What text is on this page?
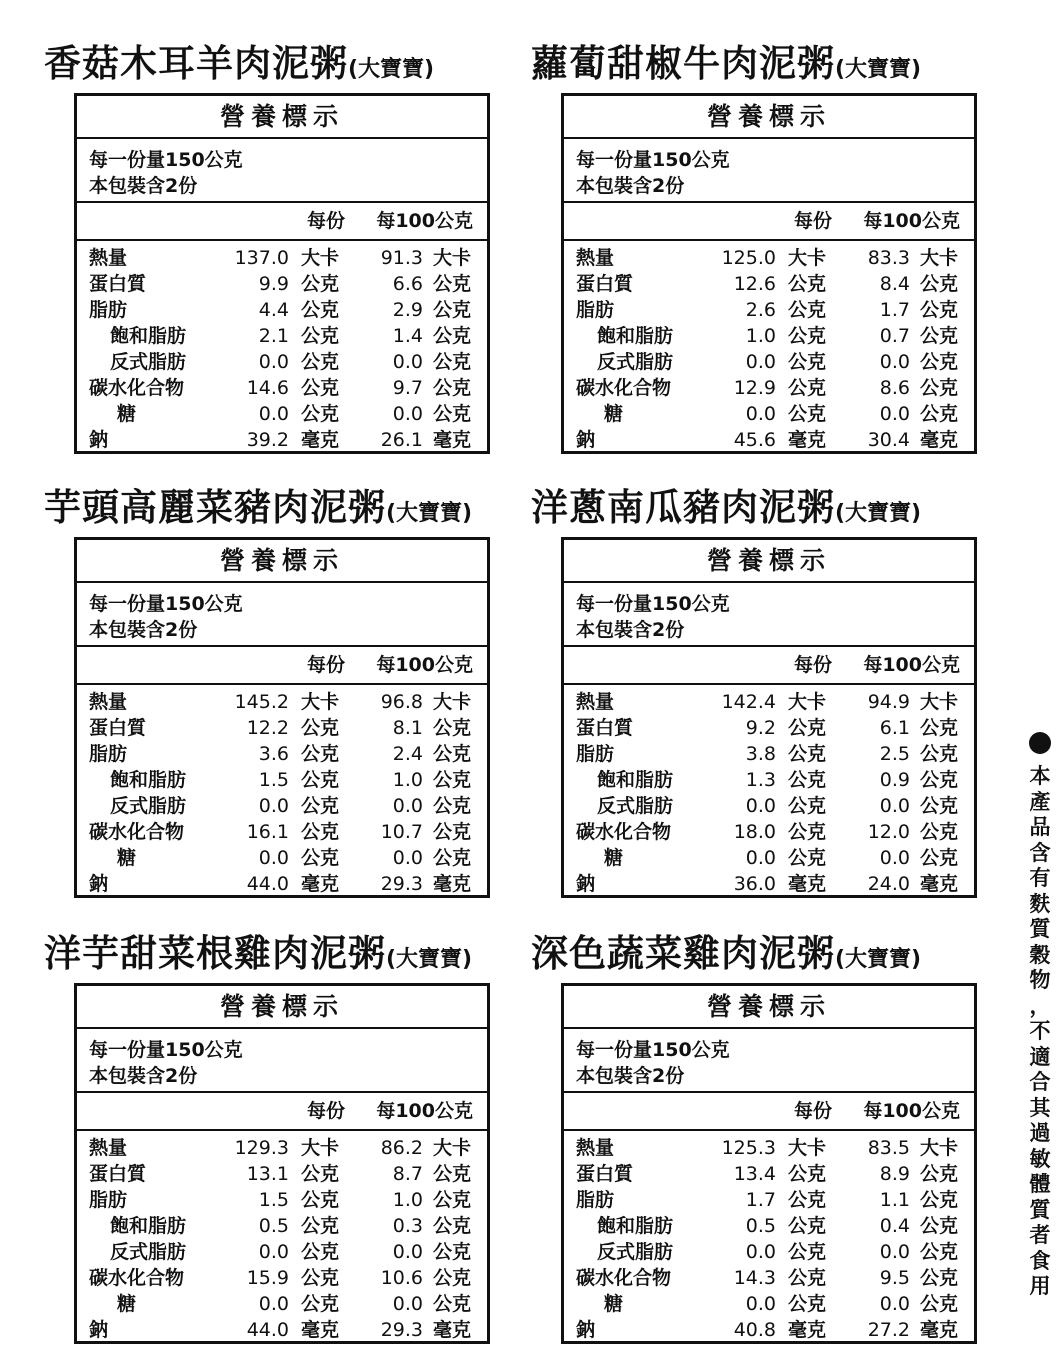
香菇木耳羊肉泥粥(大寶寶)
營養標示
每一份量150公克
本包裝含2份
每份 每100公克
熱量	137.0 大卡 91.3 大卡
蛋白質	9.9 公克	6.6 公克
脂肪	4.4 公克	2.9 公克
飽和脂肪	2.1 公克	1.4 公克
反式脂肪	0.0 公克	0.0 公克
碳水化合物	14.6 公克	9.7 公克
糖	0.0 公克	0.0 公克
鈉	39.2 毫克 26.1 毫克
蘿蔔甜椒牛肉泥粥(大寶寶)
營養標示
每一份量150公克
本包裝含2份
每份 每100公克
熱量	125.0 大卡 83.3 大卡
蛋白質	12.6 公克	8.4 公克
脂肪	2.6 公克	1.7 公克
飽和脂肪	1.0 公克	0.7 公克
反式脂肪	0.0 公克	0.0 公克
碳水化合物	12.9 公克	8.6 公克
糖	0.0 公克	0.0 公克
鈉	45.6 毫克 30.4 毫克
芋頭高麗菜豬肉泥粥(大寶寶)
營養標示
每一份量150公克
本包裝含2份
每份 每100公克
熱量	145.2 大卡 96.8 大卡
蛋白質	12.2 公克	8.1 公克
脂肪	3.6 公克	2.4 公克
飽和脂肪	1.5 公克	1.0 公克
反式脂肪	0.0 公克	0.0 公克
碳水化合物	16.1 公克 10.7 公克
糖	0.0 公克	0.0 公克
鈉	44.0 毫克 29.3 毫克
洋蔥南瓜豬肉泥粥(大寶寶)
營養標示
每一份量150公克
本包裝含2份
每份 每100公克
熱量	142.4 大卡 94.9 大卡
蛋白質	9.2 公克	6.1 公克
脂肪	3.8 公克	2.5 公克
飽和脂肪	1.3 公克	0.9 公克
反式脂肪	0.0 公克	0.0 公克
碳水化合物	18.0 公克 12.0 公克
糖	0.0 公克	0.0 公克
鈉	36.0 毫克 24.0 毫克
洋芋甜菜根雞肉泥粥(大寶寶)
營養標示
每一份量150公克
本包裝含2份
每份 每100公克
熱量	129.3 大卡 86.2 大卡
蛋白質	13.1 公克	8.7 公克
脂肪	1.5 公克	1.0 公克
飽和脂肪	0.5 公克	0.3 公克
反式脂肪	0.0 公克	0.0 公克
碳水化合物	15.9 公克 10.6 公克
糖	0.0 公克	0.0 公克
鈉	44.0 毫克 29.3 毫克
深色蔬菜雞肉泥粥(大寶寶)
營養標示
每一份量150公克
本包裝含2份
每份 每100公克
熱量	125.3 大卡 83.5 大卡
蛋白質	13.4 公克	8.9 公克
脂肪	1.7 公克	1.1 公克
飽和脂肪	0.5 公克	0.4 公克
反式脂肪	0.0 公克	0.0 公克
碳水化合物	14.3 公克	9.5 公克
糖	0.0 公克	0.0 公克
鈉	40.8 毫克 27.2 毫克
本
產
品
含
有
麩
質
穀
物
，
不
適
合
其
過
敏
體
質
者
食
用
